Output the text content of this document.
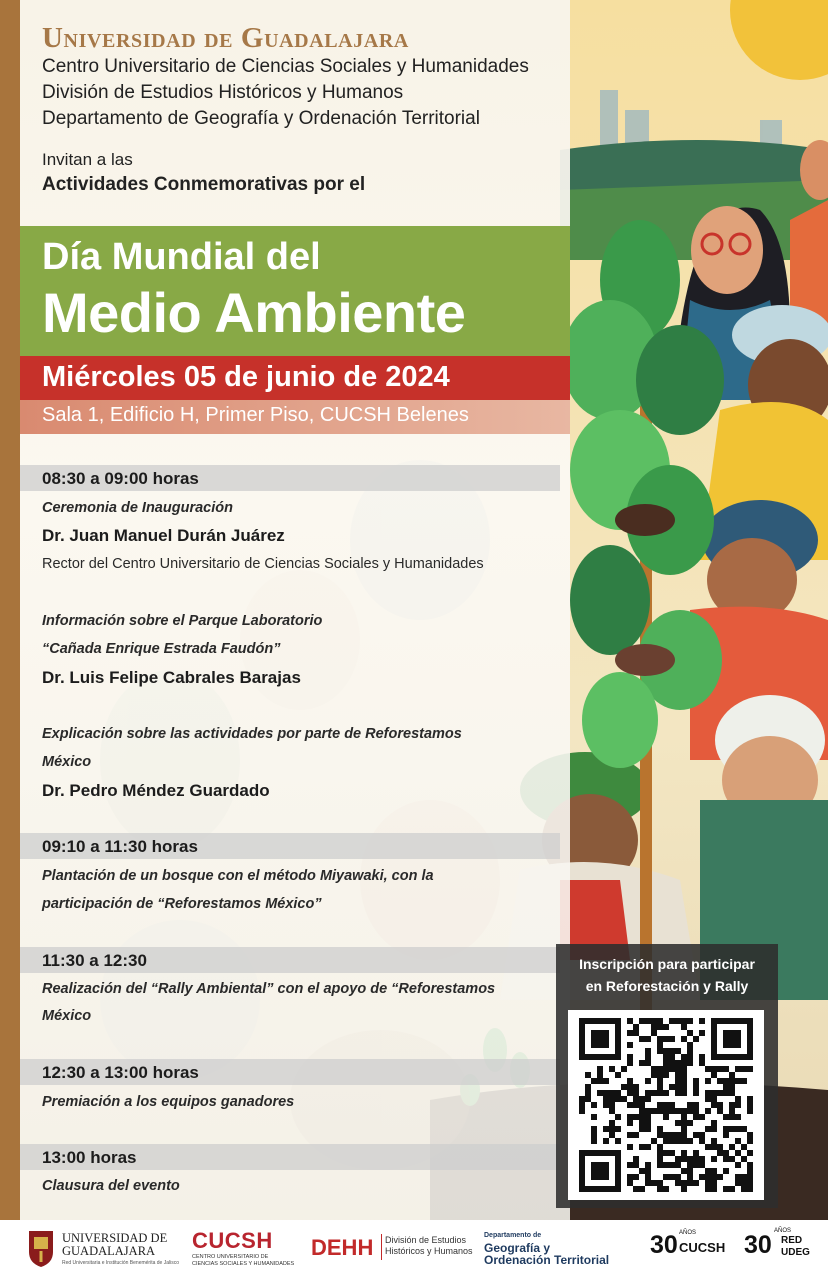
Universidad de Guadalajara
Centro Universitario de Ciencias Sociales y Humanidades
División de Estudios Históricos y Humanos
Departamento de Geografía y Ordenación Territorial
Invitan a las
Actividades Conmemorativas por el
Día Mundial del
Medio Ambiente
Miércoles 05 de junio de 2024
Sala 1, Edificio H, Primer Piso, CUCSH Belenes
08:30 a 09:00 horas
Ceremonia de Inauguración
Dr. Juan Manuel Durán Juárez
Rector del Centro Universitario de Ciencias Sociales y Humanidades
Información sobre el Parque Laboratorio
“Cañada Enrique Estrada Faudón”
Dr. Luis Felipe Cabrales Barajas
Explicación sobre las actividades por parte de Reforestamos
México
Dr. Pedro Méndez Guardado
09:10 a 11:30 horas
Plantación de un bosque con el método Miyawaki, con la
participación de “Reforestamos México”
11:30 a 12:30
Realización del “Rally Ambiental” con el apoyo de “Reforestamos
México
12:30 a 13:00 horas
Premiación a los equipos ganadores
13:00 horas
Clausura del evento
Inscripción para participar
en Reforestación y Rally
UNIVERSIDAD DE
GUADALAJARA
Red Universitaria e Institución Benemérita de Jalisco
CUCSH
CENTRO UNIVERSITARIO DE
CIENCIAS SOCIALES Y HUMANIDADES
DEHH División de Estudios
Históricos y Humanos
Departamento de
Geografía y
Ordenación Territorial
30 AÑOS
CUCSH 30 AÑOS
RED
UDEG
